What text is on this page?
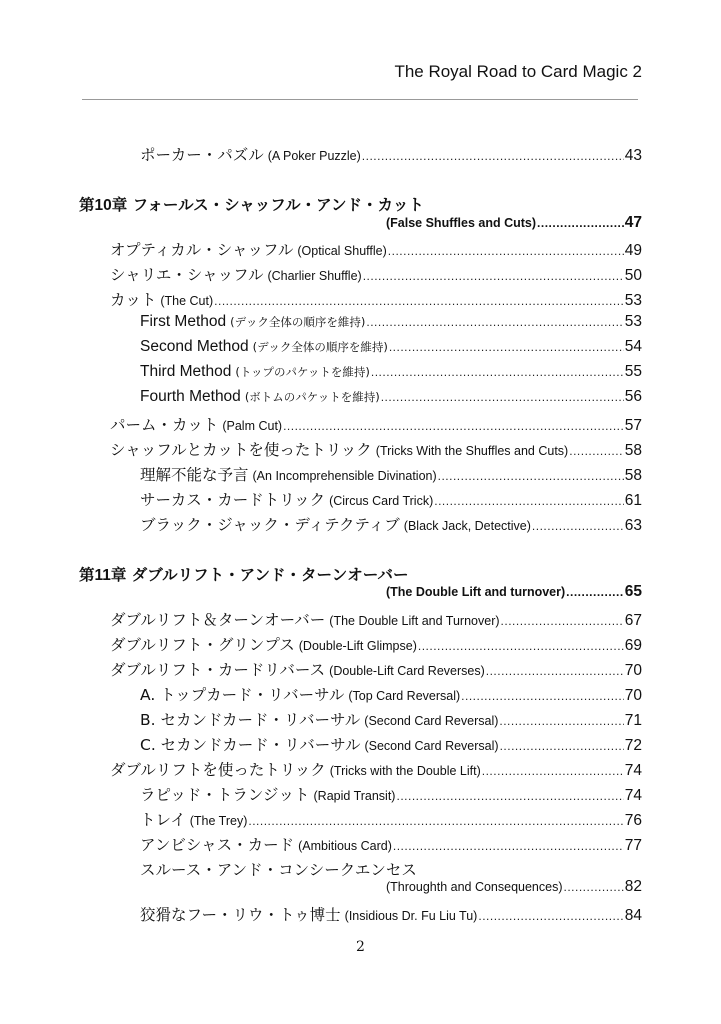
The Royal Road to Card Magic 2
ポーカー・パズル (A Poker Puzzle) .....	43
第10章 フォールス・シャッフル・アンド・カット
(False Shuffles and Cuts) .....	47
オプティカル・シャッフル (Optical Shuffle) .....	49
シャリエ・シャッフル (Charlier Shuffle) .....	50
カット (The Cut) .....	53
First Method (デック全体の順序を維持) .....	53
Second Method (デック全体の順序を維持) .....	54
Third Method (トップのパケットを維持) .....	55
Fourth Method (ボトムのパケットを維持) .....	56
パーム・カット (Palm Cut) .....	57
シャッフルとカットを使ったトリック (Tricks With the Shuffles and Cuts) .....	58
理解不能な予言 (An Incomprehensible Divination) .....	58
サーカス・カードトリック (Circus Card Trick) .....	61
ブラック・ジャック・ディテクティブ (Black Jack, Detective) .....	63
第11章 ダブルリフト・アンド・ターンオーバー
(The Double Lift and turnover) .....	65
ダブルリフト＆ターンオーバー (The Double Lift and Turnover) .....	67
ダブルリフト・グリンプス (Double-Lift Glimpse) .....	69
ダブルリフト・カードリバース (Double-Lift Card Reverses) .....	70
A. トップカード・リバーサル (Top Card Reversal) .....	70
B. セカンドカード・リバーサル (Second Card Reversal) .....	71
C. セカンドカード・リバーサル (Second Card Reversal) .....	72
ダブルリフトを使ったトリック (Tricks with the Double Lift) .....	74
ラピッド・トランジット (Rapid Transit) .....	74
トレイ (The Trey) .....	76
アンビシャス・カード (Ambitious Card) .....	77
スルース・アンド・コンシークエンセス
(Throughth and Consequences) .....	82
狡猾なフー・リウ・トゥ博士 (Insidious Dr. Fu Liu Tu) .....	84
2
